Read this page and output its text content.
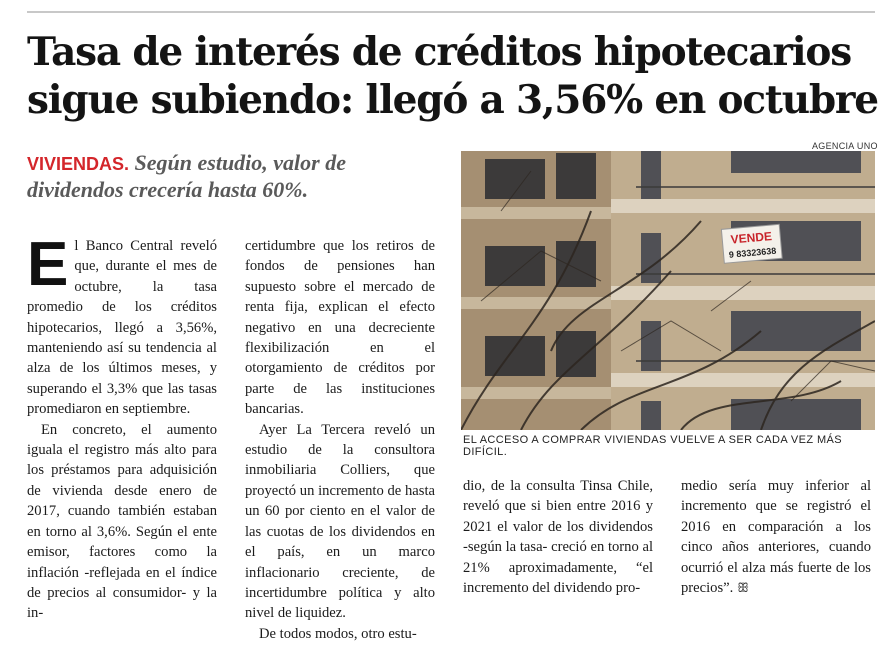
Tasa de interés de créditos hipotecarios
sigue subiendo: llegó a 3,56% en octubre
VIVIENDAS. Según estudio, valor de dividendos crecería hasta 60%.

El Banco Central reveló que, durante el mes de octubre, la tasa promedio de los créditos hipotecarios, llegó a 3,56%, manteniendo así su tendencia al alza de los últimos meses, y superando el 3,3% que las tasas promediaron en septiembre.

En concreto, el aumento iguala el registro más alto para los préstamos para adquisición de vivienda desde enero de 2017, cuando también estaban en torno al 3,6%. Según el ente emisor, factores como la inflación -reflejada en el índice de precios al consumidor- y la in-

certidumbre que los retiros de fondos de pensiones han supuesto sobre el mercado de renta fija, explican el efecto negativo en una decreciente flexibilización en el otorgamiento de créditos por parte de las instituciones bancarias.

Ayer La Tercera reveló un estudio de la consultora inmobiliaria Colliers, que proyectó un incremento de hasta un 60 por ciento en el valor de las cuotas de los dividendos en el país, en un marco inflacionario creciente, de incertidumbre política y alto nivel de liquidez.

De todos modos, otro estu-

AGENCIA UNO
VENDE
9 83323638
EL ACCESO A COMPRAR VIVIENDAS VUELVE A SER CADA VEZ MÁS DIFÍCIL.

dio, de la consulta Tinsa Chile, reveló que si bien entre 2016 y 2021 el valor de los dividendos -según la tasa- creció en torno al 21% aproximadamente, “el incremento del dividendo pro-

medio sería muy inferior al incremento que se registró el 2016 en comparación a los cinco años anteriores, cuando ocurrió el alza más fuerte de los precios”. ꕥ
